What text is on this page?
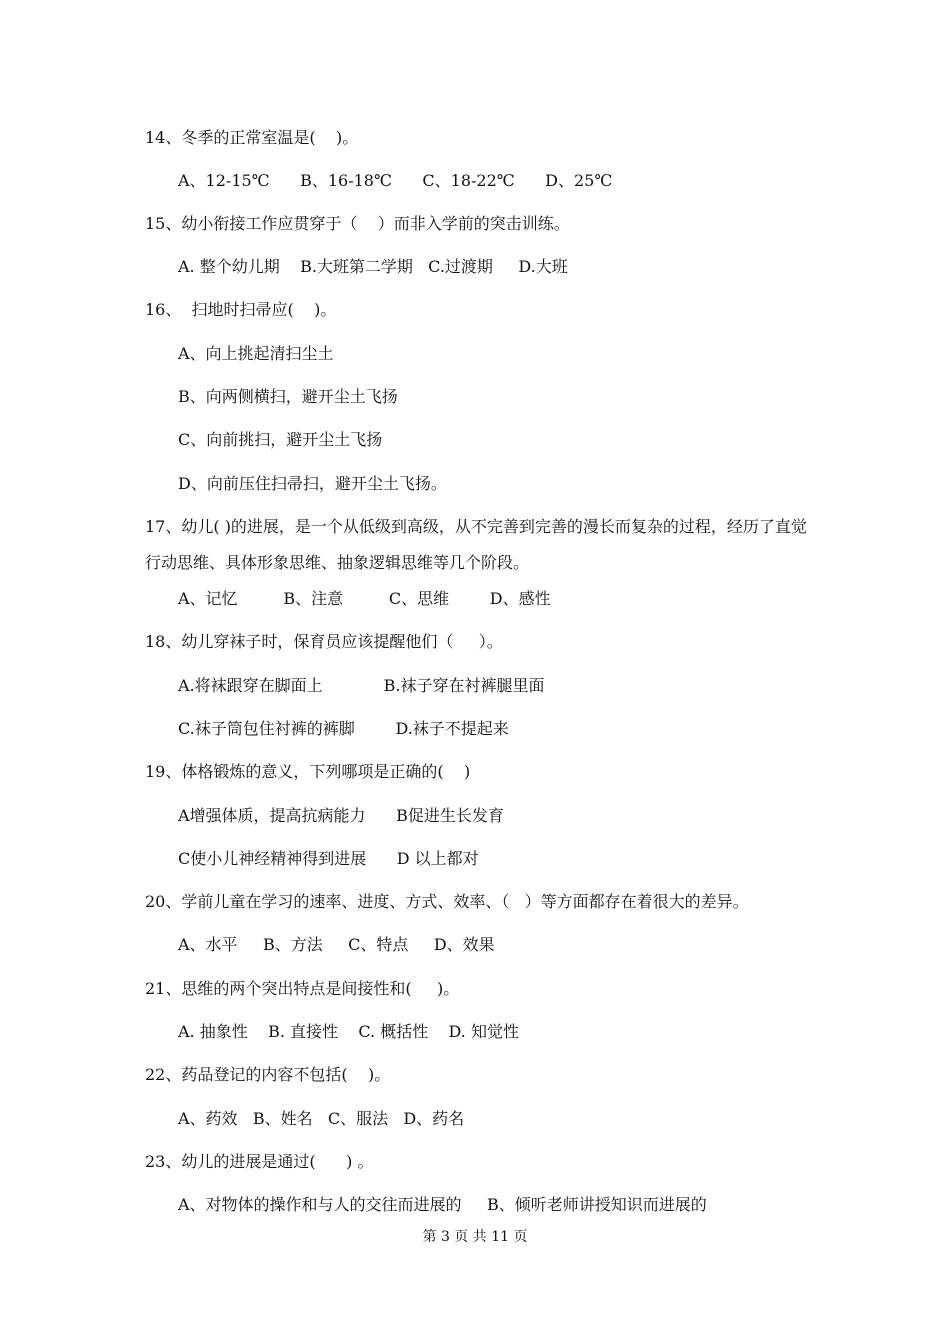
14、冬季的正常室温是(    )。
A、12-15℃      B、16-18℃      C、18-22℃      D、25℃
15、幼小衔接工作应贯穿于（    ）而非入学前的突击训练。
A. 整个幼儿期    B.大班第二学期   C.过渡期     D.大班
16、  扫地时扫帚应(    )。
A、向上挑起清扫尘土
B、向两侧横扫，避开尘土飞扬
C、向前挑扫，避开尘土飞扬
D、向前压住扫帚扫，避开尘土飞扬。
17、幼儿( )的进展，是一个从低级到高级，从不完善到完善的漫长而复杂的过程，经历了直觉行动思维、具体形象思维、抽象逻辑思维等几个阶段。
A、记忆         B、注意         C、思维        D、感性
18、幼儿穿袜子时，保育员应该提醒他们（     ）。
A.将袜跟穿在脚面上            B.袜子穿在衬裤腿里面
C.袜子筒包住衬裤的裤脚        D.袜子不提起来
19、体格锻炼的意义，下列哪项是正确的(    )
A增强体质，提高抗病能力      B促进生长发育
C使小儿神经精神得到进展      D 以上都对
20、学前儿童在学习的速率、进度、方式、效率、（   ）等方面都存在着很大的差异。
A、水平     B、方法     C、特点     D、效果
21、思维的两个突出特点是间接性和(     )。
A. 抽象性    B. 直接性    C. 概括性    D. 知觉性
22、药品登记的内容不包括(    )。
A、药效   B、姓名   C、服法   D、药名
23、幼儿的进展是通过(      ) 。
A、对物体的操作和与人的交往而进展的     B、倾听老师讲授知识而进展的
第 3 页 共 11 页
